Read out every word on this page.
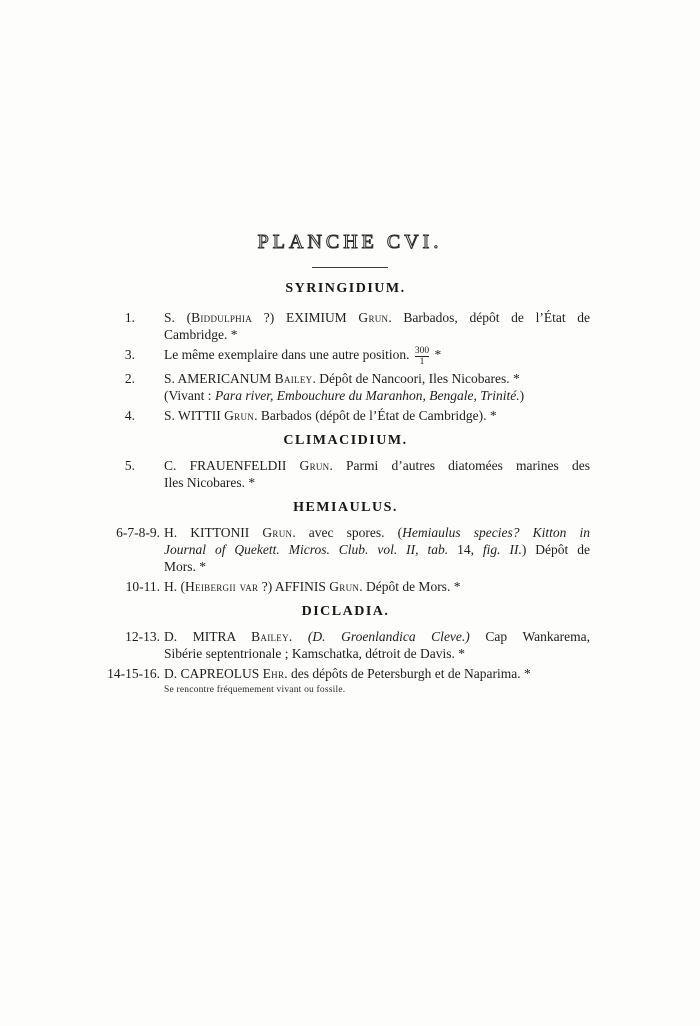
PLANCHE CVI.
SYRINGIDIUM.
1.	S. (Biddulphia ?) EXIMIUM Grun. Barbados, dépôt de l’État de
Cambridge. *
3.	Le même exemplaire dans une autre position. $\frac{300}{1}$ *
2.	S. AMERICANUM Bailey. Dépôt de Nancoori, Iles Nicobares. *
(Vivant : Para river, Embouchure du Maranhon, Bengale, Trinité.)
4.	S. WITTII Grun. Barbados (dépôt de l’État de Cambridge). *
CLIMACIDIUM.
5.	C. FRAUENFELDII Grun. Parmi d’autres diatomées marines des
Iles Nicobares. *
HEMIAULUS.
6-7-8-9. H. KITTONII Grun. avec spores. (Hemiaulus species? Kitton in
Journal of Quekett. Micros. Club. vol. II, tab. 14, fig. II.) Dépôt de
Mors. *
10-11. H. (Heibergii var ?) AFFINIS Grun. Dépôt de Mors. *
DICLADIA.
12-13. D. MITRA Bailey. (D. Groenlandica Cleve.) Cap Wankarema,
Sibérie septentrionale ; Kamschatka, détroit de Davis. *
14-15-16. D. CAPREOLUS Ehr. des dépôts de Petersburgh et de Naparima. *
Se rencontre fréquemement vivant ou fossile.
